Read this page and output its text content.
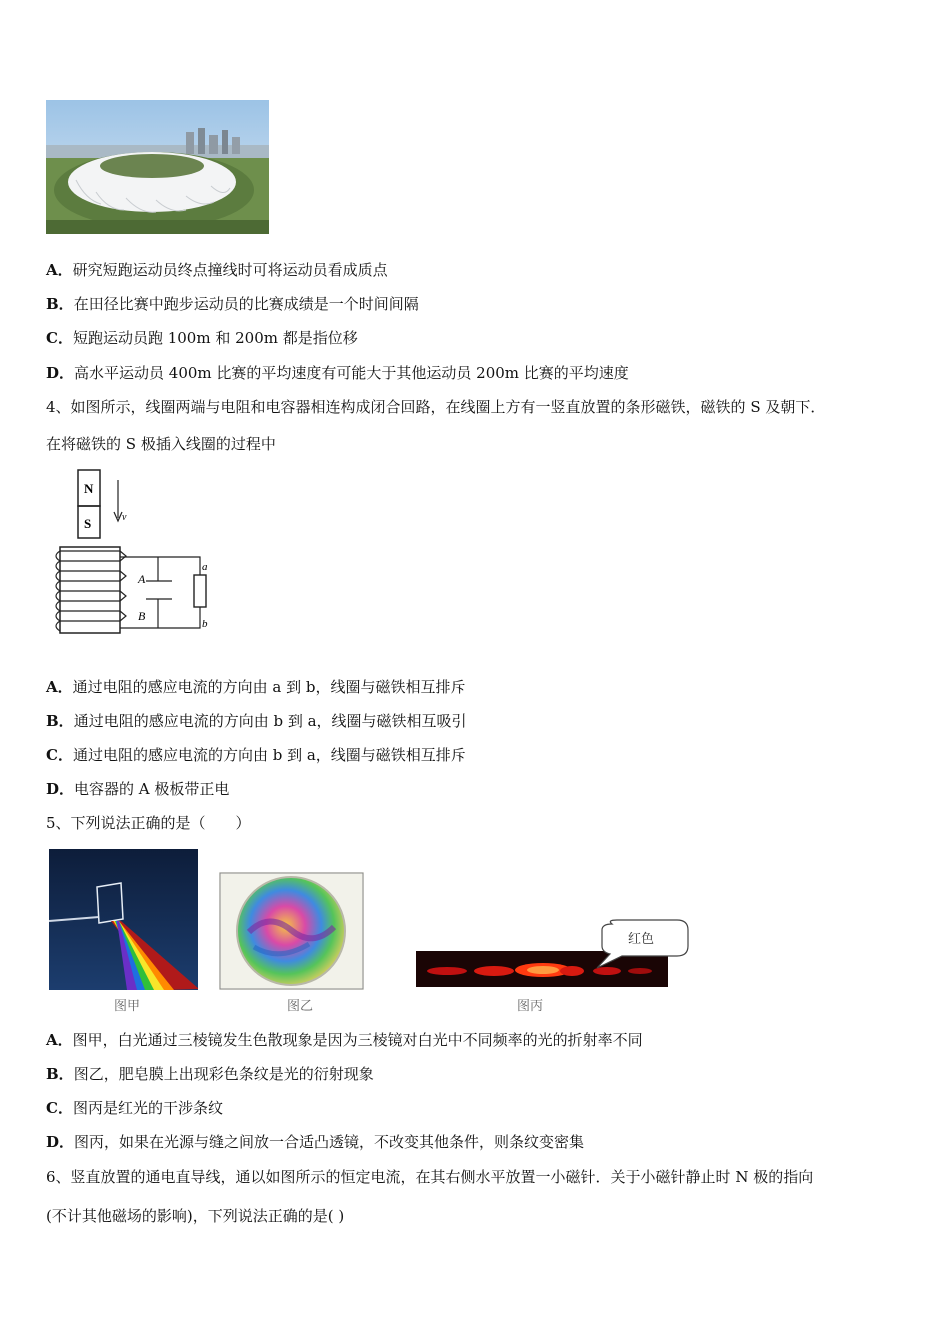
A．研究短跑运动员终点撞线时可将运动员看成质点
B．在田径比赛中跑步运动员的比赛成绩是一个时间间隔
C．短跑运动员跑 100m 和 200m 都是指位移
D．高水平运动员 400m 比赛的平均速度有可能大于其他运动员 200m 比赛的平均速度
4、如图所示，线圈两端与电阻和电容器相连构成闭合回路，在线圈上方有一竖直放置的条形磁铁，磁铁的 S 及朝下．
在将磁铁的 S 极插入线圈的过程中
N
S	v
A
B
a
b
A．通过电阻的感应电流的方向由 a 到 b，线圈与磁铁相互排斥
B．通过电阻的感应电流的方向由 b 到 a，线圈与磁铁相互吸引
C．通过电阻的感应电流的方向由 b 到 a，线圈与磁铁相互排斥
D．电容器的 A 极板带正电
5、下列说法正确的是（　　）
红色
图甲	图乙	图丙
A．图甲，白光通过三棱镜发生色散现象是因为三棱镜对白光中不同频率的光的折射率不同
B．图乙，肥皂膜上出现彩色条纹是光的衍射现象
C．图丙是红光的干涉条纹
D．图丙，如果在光源与缝之间放一合适凸透镜，不改变其他条件，则条纹变密集
6、竖直放置的通电直导线，通以如图所示的恒定电流，在其右侧水平放置一小磁针．关于小磁针静止时 N 极的指向
(不计其他磁场的影响)，下列说法正确的是( )
